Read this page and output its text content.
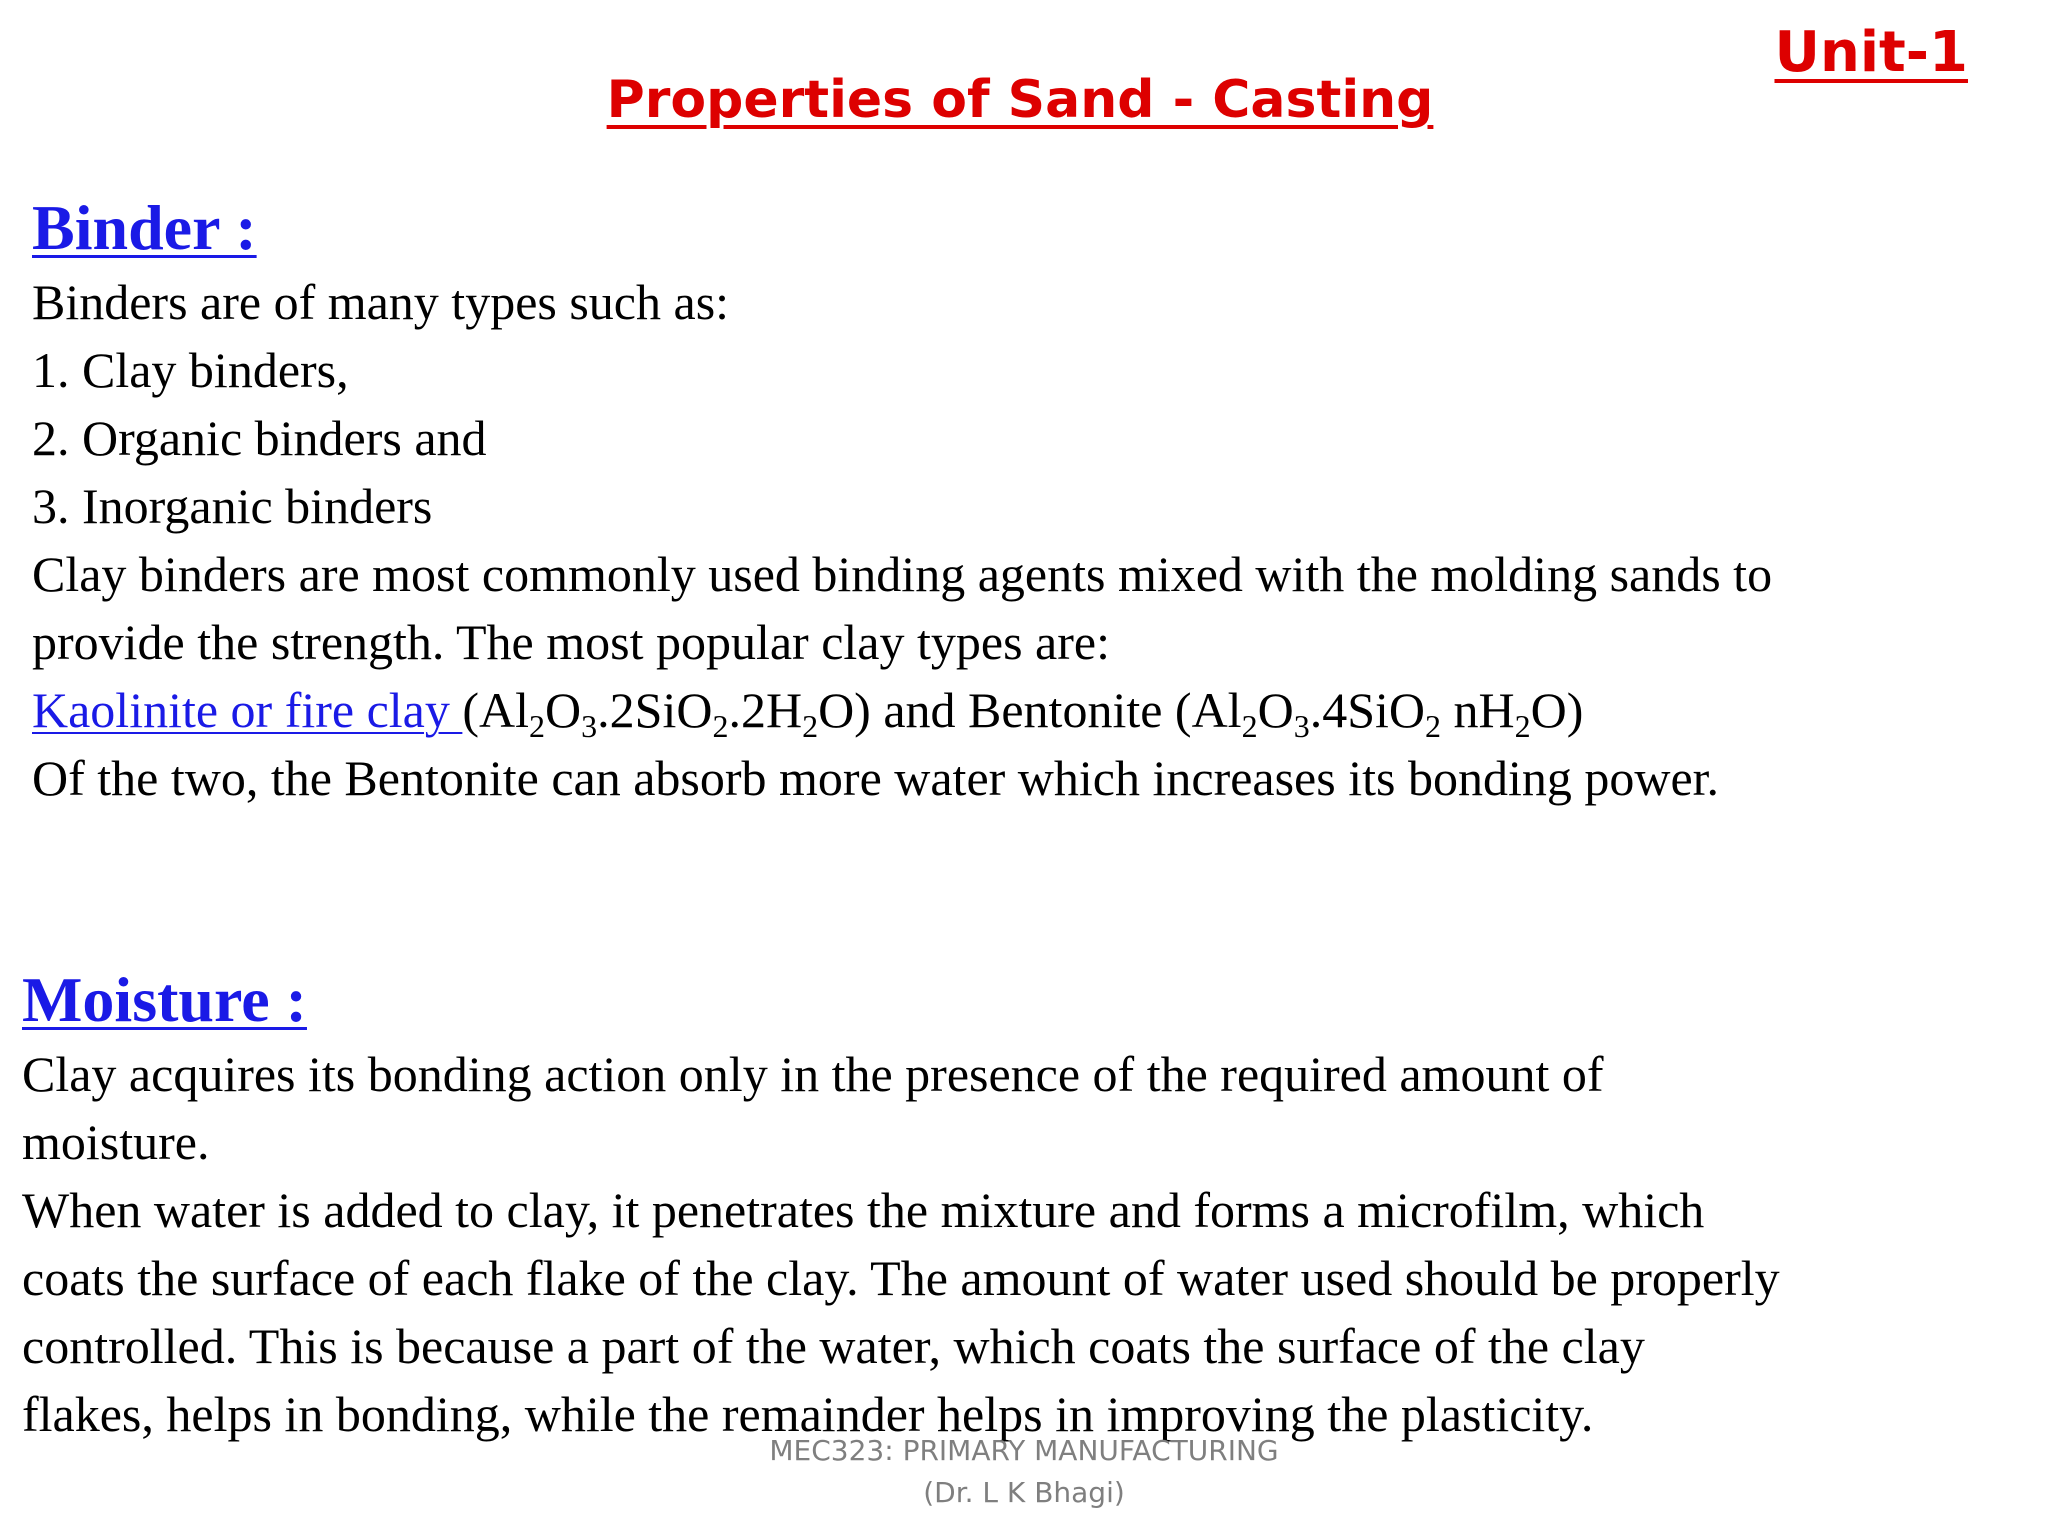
Unit-1
Properties of Sand - Casting
Binder :

Binders are of many types such as:

1. Clay binders,

2. Organic binders and

3. Inorganic binders

Clay binders are most commonly used binding agents mixed with the molding sands to

provide the strength. The most popular clay types are:

Kaolinite or fire clay $(Al_2O_3.2SiO_2.2H_2O)$ and Bentonite ($Al_2O_3.4SiO_2$ $nH_2O$)

Of the two, the Bentonite can absorb more water which increases its bonding power.

Moisture :

Clay acquires its bonding action only in the presence of the required amount of

moisture.

When water is added to clay, it penetrates the mixture and forms a microfilm, which

coats the surface of each flake of the clay. The amount of water used should be properly

controlled. This is because a part of the water, which coats the surface of the clay

flakes, helps in bonding, while the remainder helps in improving the plasticity.

MEC323: PRIMARY MANUFACTURING
(Dr. L K Bhagi)
